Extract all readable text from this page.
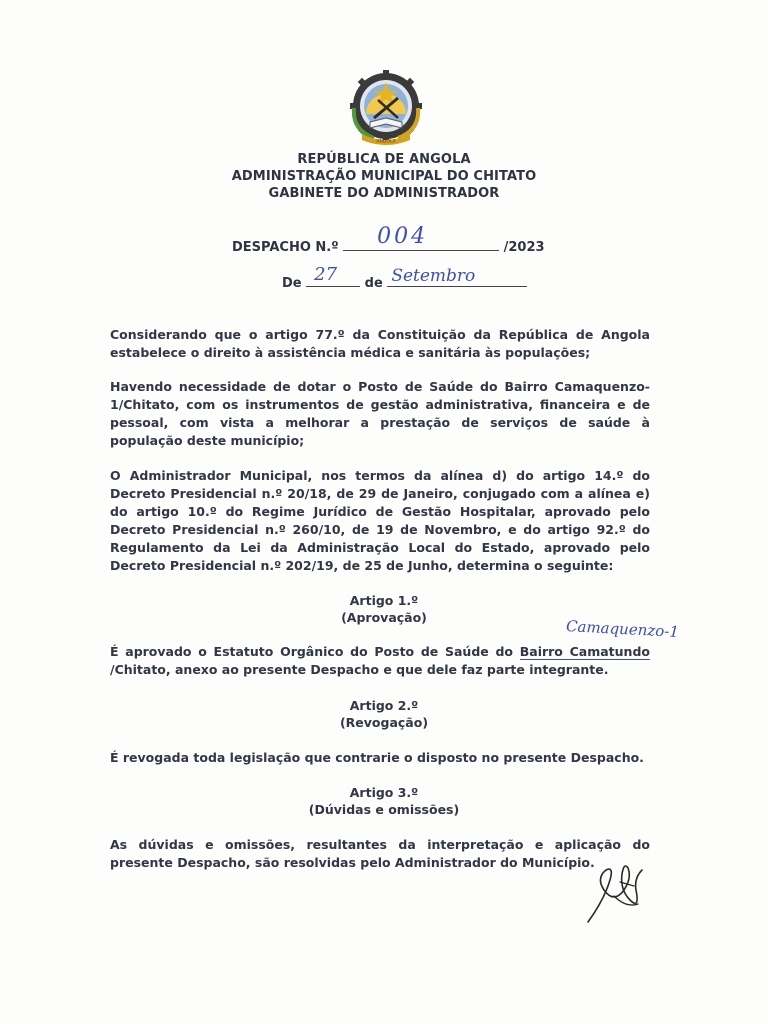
ANGOLA
REPÚBLICA DE ANGOLA
ADMINISTRAÇÃO MUNICIPAL DO CHITATO
GABINETE DO ADMINISTRADOR
DESPACHO N.º 004	/2023
De 27 de Setembro
Considerando que o artigo 77.º da Constituição da República de Angola estabelece o direito à assistência médica e sanitária às populações;
Havendo necessidade de dotar o Posto de Saúde do Bairro Camaquenzo-1/Chitato, com os instrumentos de gestão administrativa, financeira e de pessoal, com vista a melhorar a prestação de serviços de saúde à população deste município;
O Administrador Municipal, nos termos da alínea d) do artigo 14.º do Decreto Presidencial n.º 20/18, de 29 de Janeiro, conjugado com a alínea e) do artigo 10.º do Regime Jurídico de Gestão Hospitalar, aprovado pelo Decreto Presidencial n.º 260/10, de 19 de Novembro, e do artigo 92.º do Regulamento da Lei da Administração Local do Estado, aprovado pelo Decreto Presidencial n.º 202/19, de 25 de Junho, determina o seguinte:
Artigo 1.º
(Aprovação)	Camaquenzo-1
É aprovado o Estatuto Orgânico do Posto de Saúde do Bairro Camatundo /Chitato, anexo ao presente Despacho e que dele faz parte integrante.
Artigo 2.º
(Revogação)
É revogada toda legislação que contrarie o disposto no presente Despacho.
Artigo 3.º
(Dúvidas e omissões)
As dúvidas e omissões, resultantes da interpretação e aplicação do presente Despacho, são resolvidas pelo Administrador do Município.
